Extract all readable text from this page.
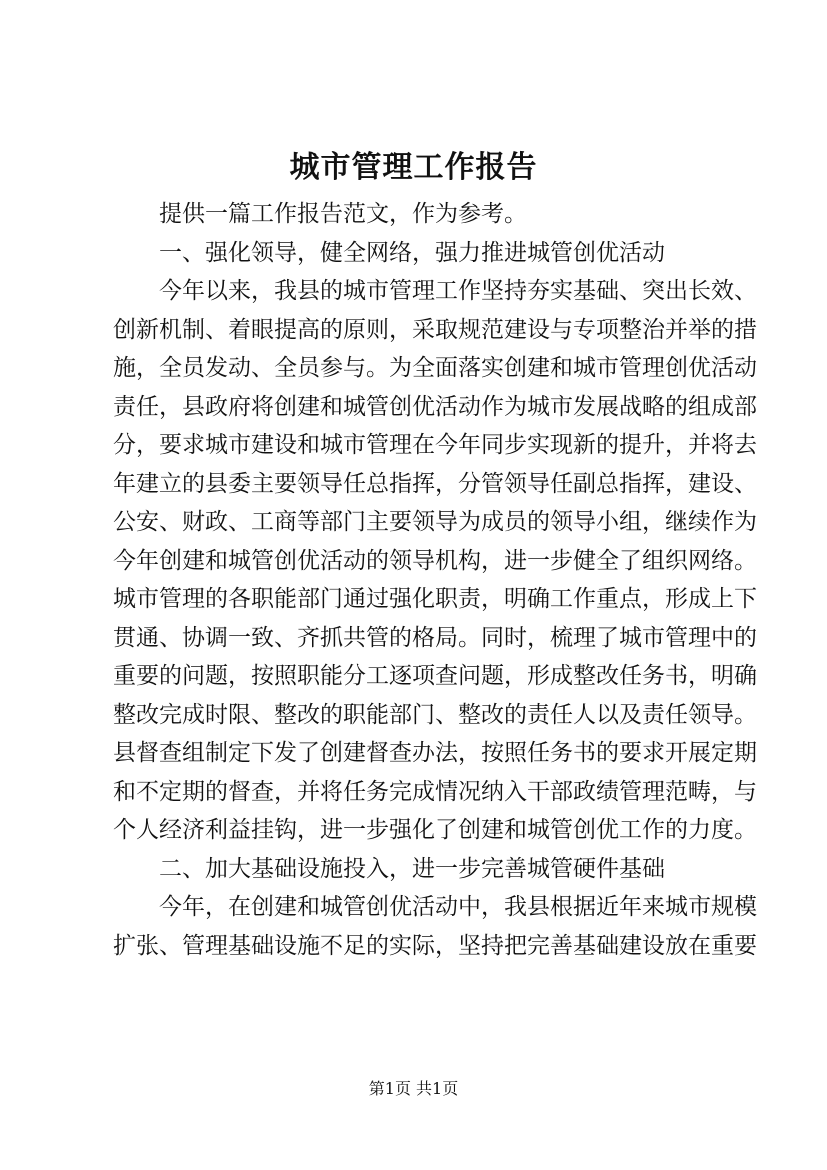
城市管理工作报告
提供一篇工作报告范文，作为参考。
一、强化领导，健全网络，强力推进城管创优活动
今年以来，我县的城市管理工作坚持夯实基础、突出长效、
创新机制、着眼提高的原则，采取规范建设与专项整治并举的措
施，全员发动、全员参与。为全面落实创建和城市管理创优活动
责任，县政府将创建和城管创优活动作为城市发展战略的组成部
分，要求城市建设和城市管理在今年同步实现新的提升，并将去
年建立的县委主要领导任总指挥，分管领导任副总指挥，建设、
公安、财政、工商等部门主要领导为成员的领导小组，继续作为
今年创建和城管创优活动的领导机构，进一步健全了组织网络。
城市管理的各职能部门通过强化职责，明确工作重点，形成上下
贯通、协调一致、齐抓共管的格局。同时，梳理了城市管理中的
重要的问题，按照职能分工逐项查问题，形成整改任务书，明确
整改完成时限、整改的职能部门、整改的责任人以及责任领导。
县督查组制定下发了创建督查办法，按照任务书的要求开展定期
和不定期的督查，并将任务完成情况纳入干部政绩管理范畴，与
个人经济利益挂钩，进一步强化了创建和城管创优工作的力度。
二、加大基础设施投入，进一步完善城管硬件基础
今年，在创建和城管创优活动中，我县根据近年来城市规模
扩张、管理基础设施不足的实际，坚持把完善基础建设放在重要
第1页 共1页
